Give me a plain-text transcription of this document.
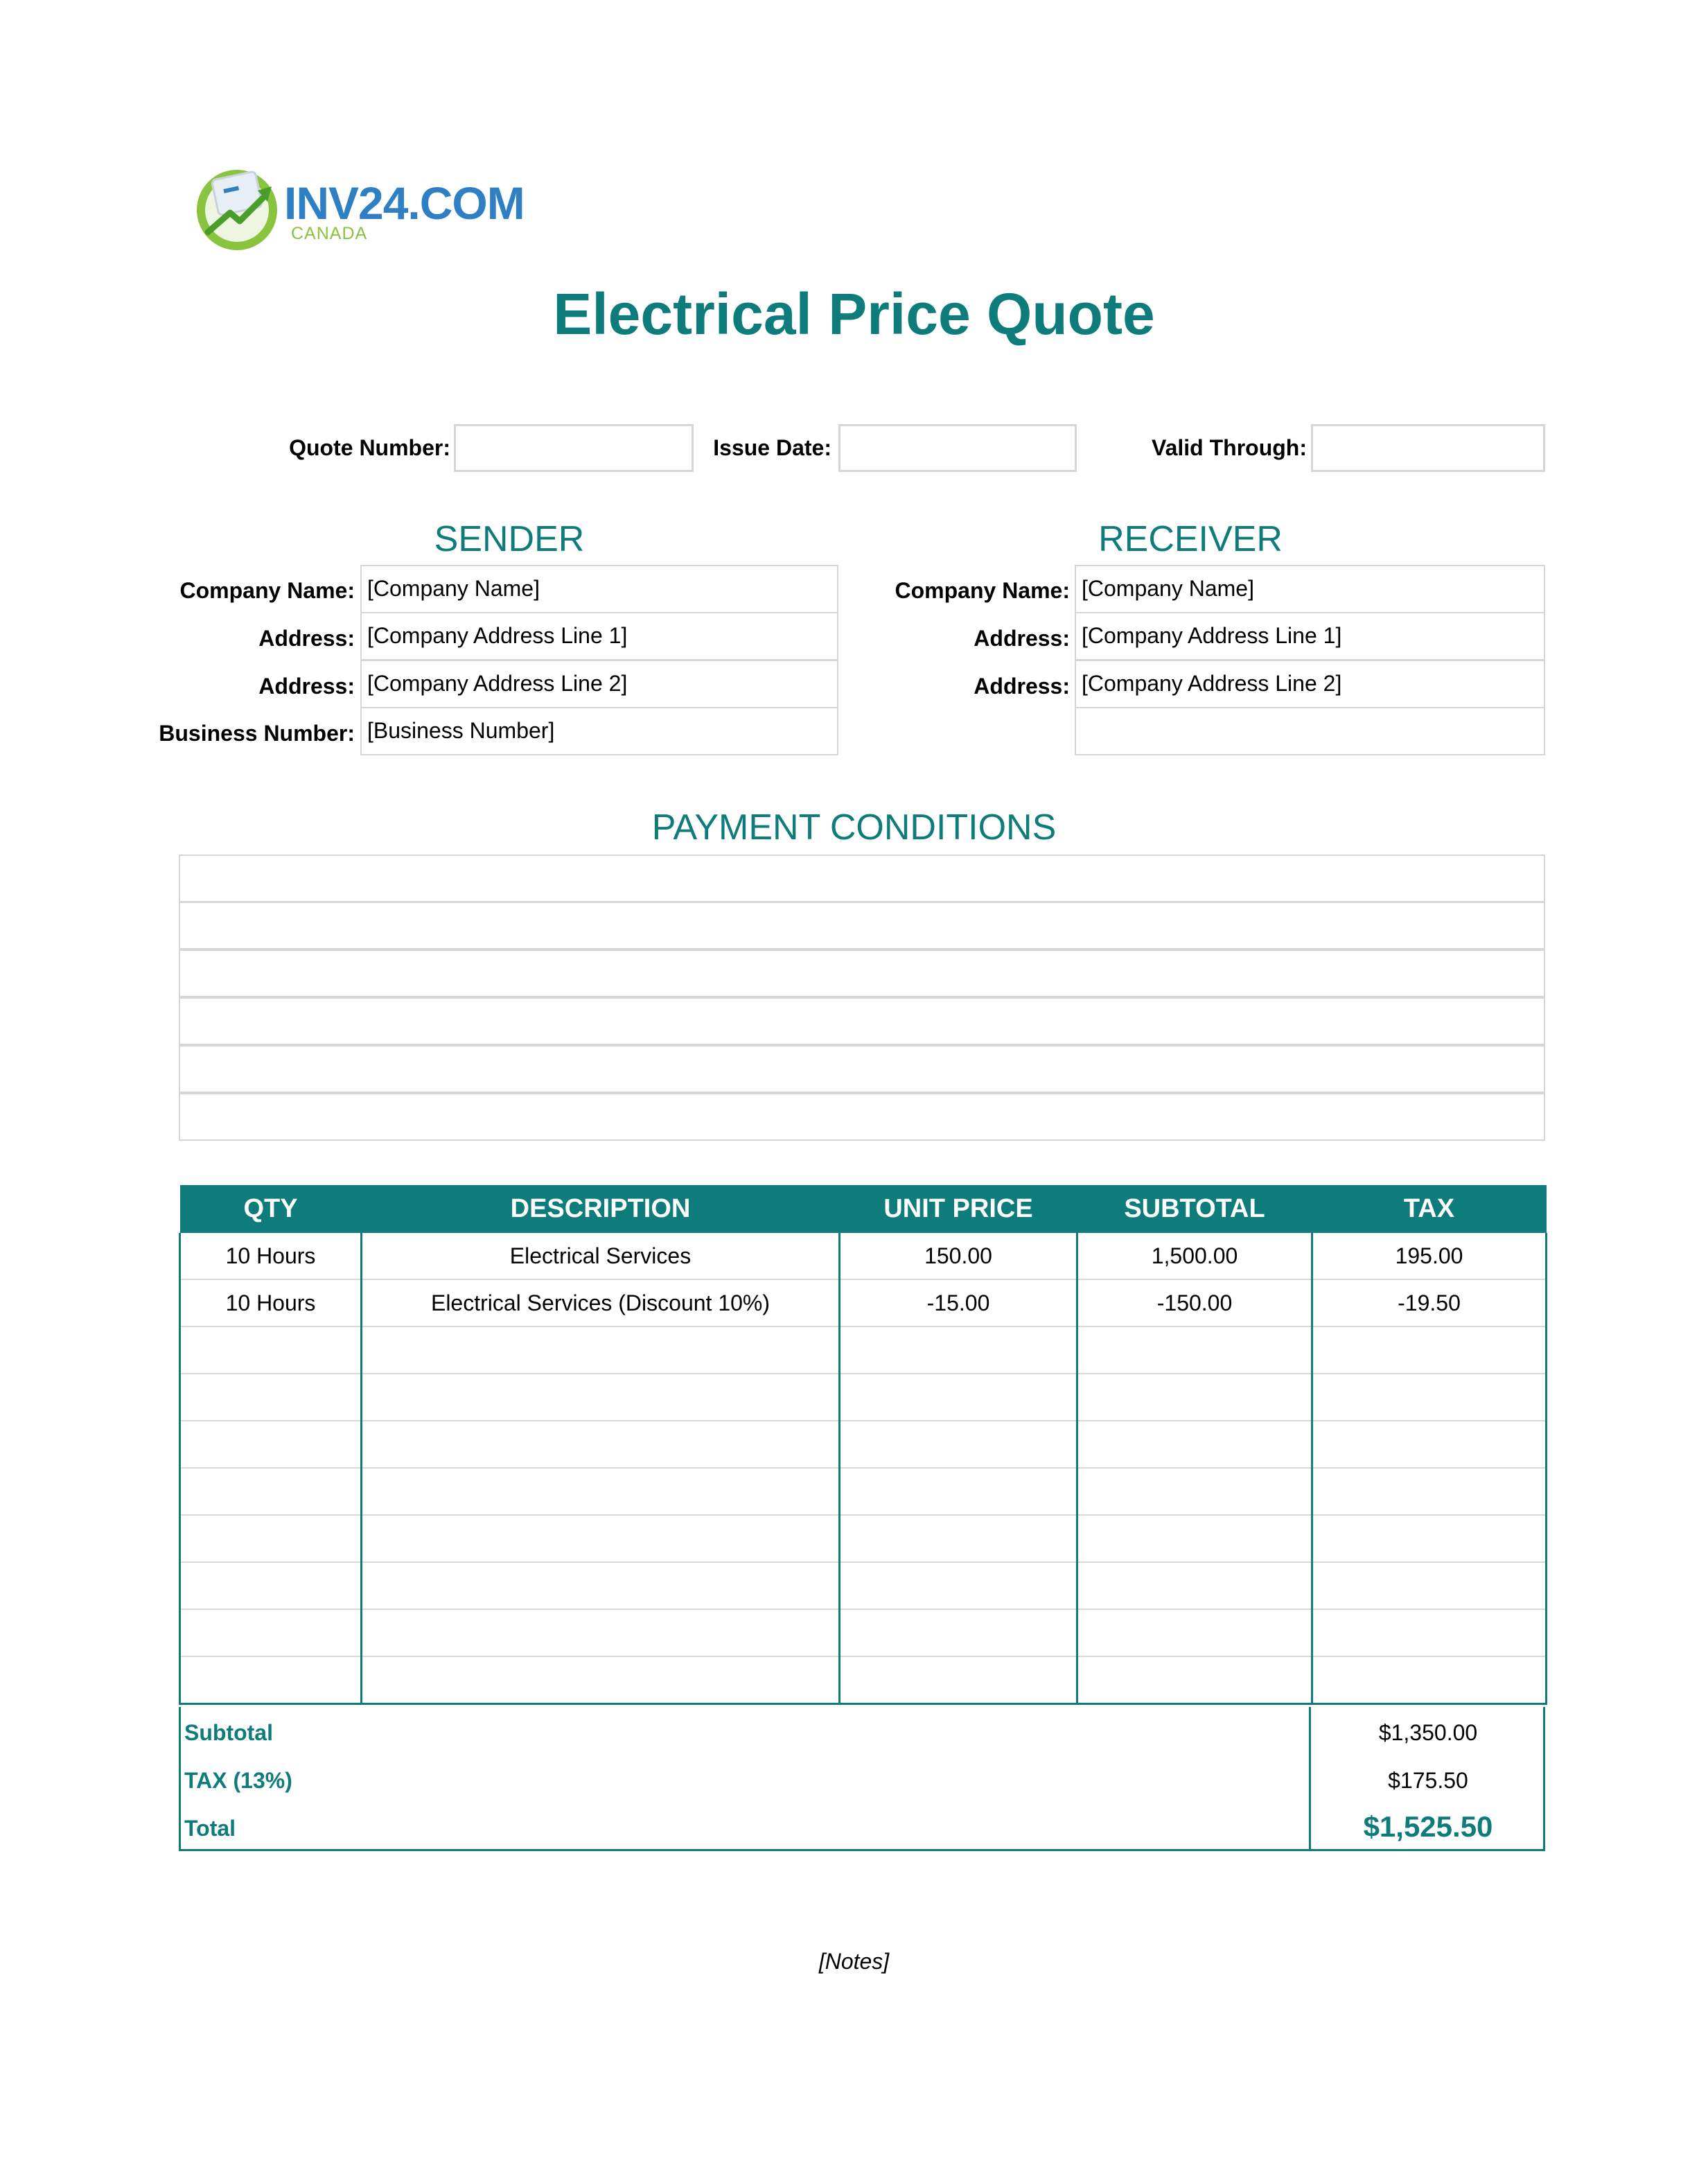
INV24.COM
CANADA
Electrical Price Quote
Quote Number:	Issue Date:	Valid Through:
SENDER
Company Name: [Company Name]
Address: [Company Address Line 1]
Address: [Company Address Line 2]
Business Number: [Business Number]
RECEIVER
Company Name: [Company Name]
Address: [Company Address Line 1]
Address: [Company Address Line 2]
PAYMENT CONDITIONS
QTY	DESCRIPTION	UNIT PRICE	SUBTOTAL	TAX
10 Hours	Electrical Services	150.00	1,500.00	195.00
10 Hours	Electrical Services (Discount 10%)	-15.00	-150.00	-19.50

Subtotal	$1,350.00
TAX (13%)	$175.50
Total	$1,525.50
[Notes]
